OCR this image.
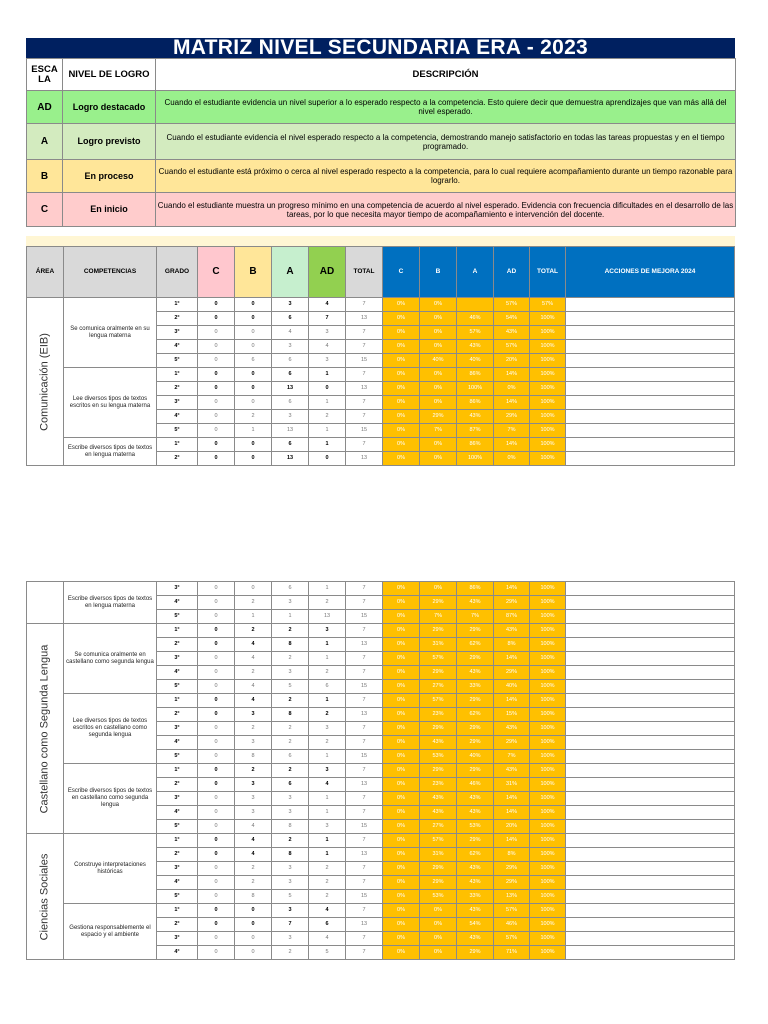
MATRIZ NIVEL SECUNDARIA ERA - 2023
ESCA LA	NIVEL DE LOGRO	DESCRIPCIÓN
AD	Logro destacado	Cuando el estudiante evidencia un nivel superior a lo esperado respecto a la competencia. Esto quiere decir que demuestra aprendizajes que van más allá del nivel esperado.
A	Logro previsto	Cuando el estudiante evidencia el nivel esperado respecto a la competencia, demostrando manejo satisfactorio en todas las tareas propuestas y en el tiempo programado.
B	En proceso	Cuando el estudiante está próximo o cerca al nivel esperado respecto a la competencia, para lo cual requiere acompañamiento durante un tiempo razonable para lograrlo.
C	En inicio	Cuando el estudiante muestra un progreso mínimo en una competencia de acuerdo al nivel esperado. Evidencia con frecuencia dificultades en el desarrollo de las tareas, por lo que necesita mayor tiempo de acompañamiento e intervención del docente.
ÁREA	COMPETENCIAS	GRADO	C	B	A	AD	TOTAL	C	B	A	AD	TOTAL	ACCIONES DE MEJORA 2024

Comunicación (EIB)	Se comunica oralmente en su lengua materna	1°	0	0	3	4	7	0%	0%		57%	57%	
		2°	0	0	6	7	13	0%	0%	46%	54%	100%	
		3°	0	0	4	3	7	0%	0%	57%	43%	100%	
		4°	0	0	3	4	7	0%	0%	43%	57%	100%	
		5°	0	6	6	3	15	0%	40%	40%	20%	100%	
	Lee diversos tipos de textos escritos en su lengua materna	1°	0	0	6	1	7	0%	0%	86%	14%	100%	
		2°	0	0	13	0	13	0%	0%	100%	0%	100%	
		3°	0	0	6	1	7	0%	0%	86%	14%	100%	
		4°	0	2	3	2	7	0%	29%	43%	29%	100%	
		5°	0	1	13	1	15	0%	7%	87%	7%	100%	
	Escribe diversos tipos de textos en lengua materna	1°	0	0	6	1	7	0%	0%	86%	14%	100%	
		2°	0	0	13	0	13	0%	0%	100%	0%	100%	
	Escribe diversos tipos de textos en lengua materna	3°	0	0	6	1	7	0%	0%	86%	14%	100%	
		4°	0	2	3	2	7	0%	29%	43%	29%	100%	
		5°	0	1	1	13	15	0%	7%	7%	87%	100%	

Castellano como Segunda Lengua	Se comunica oralmente en castellano como segunda lengua	1°	0	2	2	3	7	0%	29%	29%	43%	100%	
		2°	0	4	8	1	13	0%	31%	62%	8%	100%	
		3°	0	4	2	1	7	0%	57%	29%	14%	100%	
		4°	0	2	3	2	7	0%	29%	43%	29%	100%	
		5°	0	4	5	6	15	0%	27%	33%	40%	100%	
	Lee diversos tipos de textos escritos en castellano como segunda lengua	1°	0	4	2	1	7	0%	57%	29%	14%	100%	
		2°	0	3	8	2	13	0%	23%	62%	15%	100%	
		3°	0	2	2	3	7	0%	29%	29%	43%	100%	
		4°	0	3	2	2	7	0%	43%	29%	29%	100%	
		5°	0	8	6	1	15	0%	53%	40%	7%	100%	
	Escribe diversos tipos de textos en castellano como segunda lengua	1°	0	2	2	3	7	0%	29%	29%	43%	100%	
		2°	0	3	6	4	13	0%	23%	46%	31%	100%	
		3°	0	3	3	1	7	0%	43%	43%	14%	100%	
		4°	0	3	3	1	7	0%	43%	43%	14%	100%	
		5°	0	4	8	3	15	0%	27%	53%	20%	100%	

Ciencias Sociales	Construye interpretaciones históricas	1°	0	4	2	1	7	0%	57%	29%	14%	100%	
		2°	0	4	8	1	13	0%	31%	62%	8%	100%	
		3°	0	2	3	2	7	0%	29%	43%	29%	100%	
		4°	0	2	3	2	7	0%	29%	43%	29%	100%	
		5°	0	8	5	2	15	0%	53%	33%	13%	100%	
	Gestiona responsablemente el espacio y el ambiente	1°	0	0	3	4	7	0%	0%	43%	57%	100%	
		2°	0	0	7	6	13	0%	0%	54%	46%	100%	
		3°	0	0	3	4	7	0%	0%	43%	57%	100%	
		4°	0	0	2	5	7	0%	0%	29%	71%	100%	
